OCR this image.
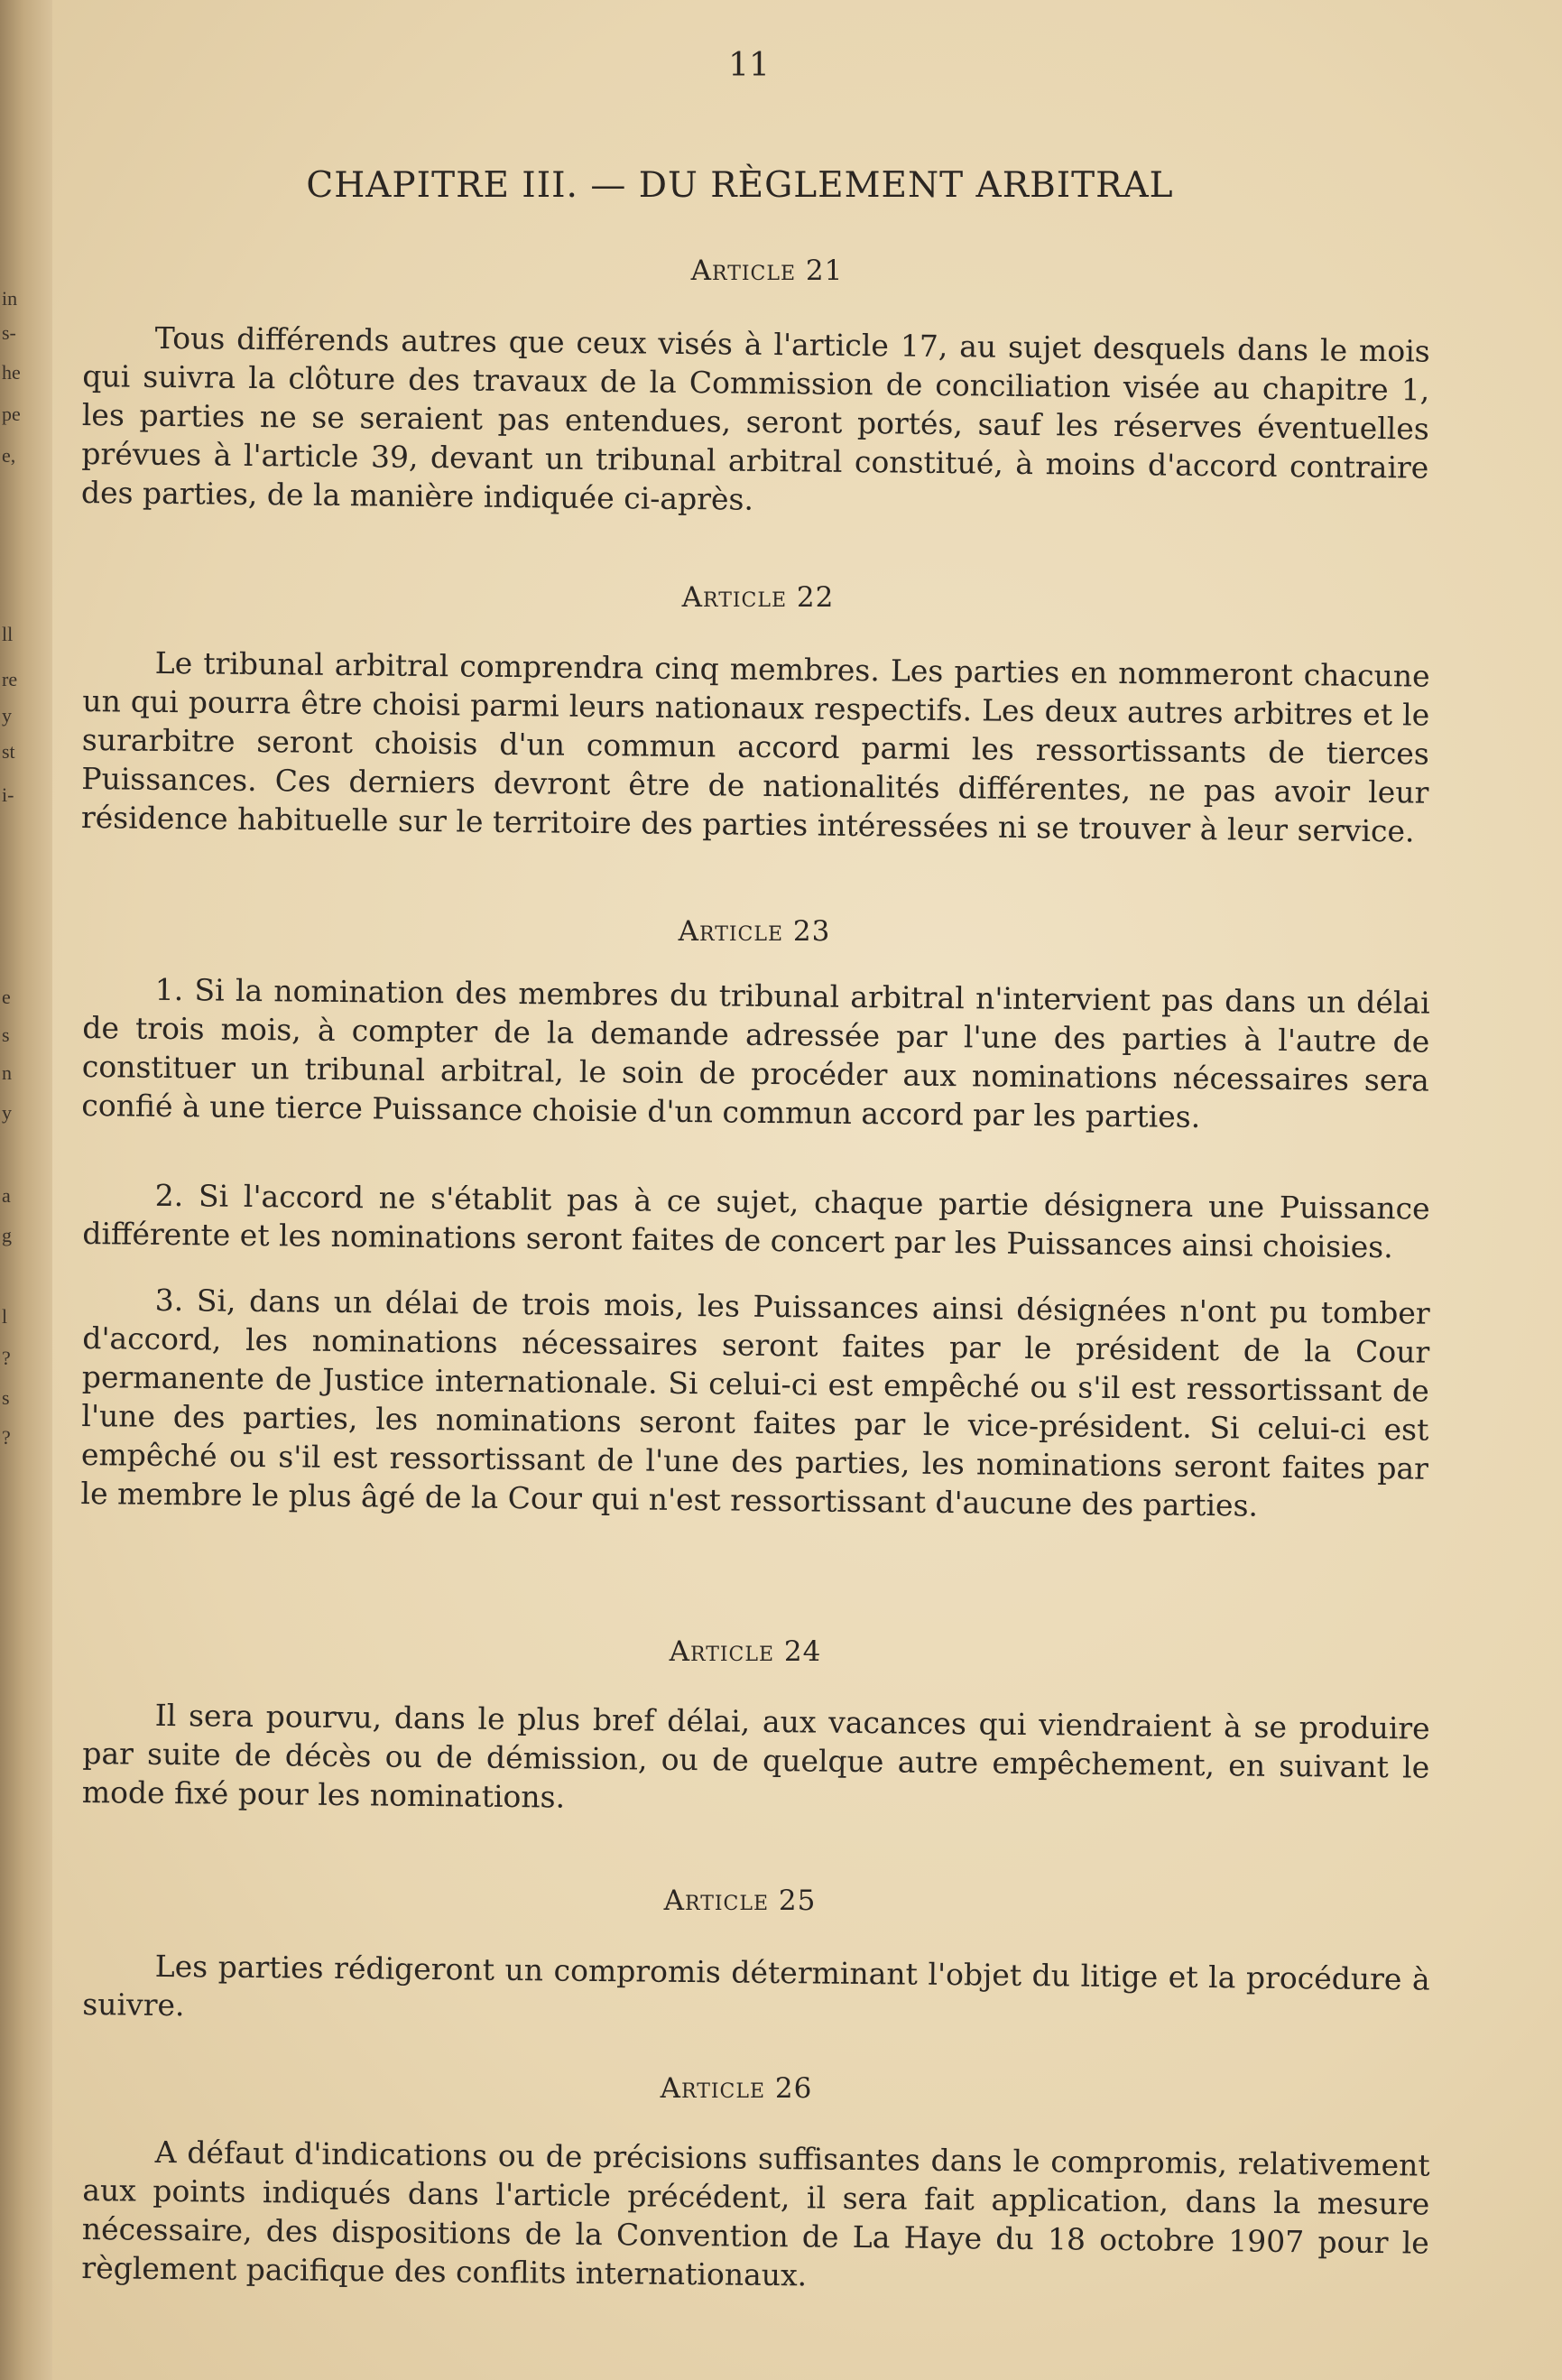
in
s-
he
pe
e,
ll
re
y
st
i-
e
s
n
y
a
g
l
?
s
?
11
CHAPITRE III. — DU RÈGLEMENT ARBITRAL
Article 21
Tous différends autres que ceux visés à l'article 17, au sujet desquels dans le mois qui suivra la clôture des travaux de la Commission de conciliation visée au chapitre 1, les parties ne se seraient pas entendues, seront portés, sauf les réserves éventuelles prévues à l'article 39, devant un tribunal arbitral constitué, à moins d'accord contraire des parties, de la manière indiquée ci-après.
Article 22
Le tribunal arbitral comprendra cinq membres. Les parties en nommeront chacune un qui pourra être choisi parmi leurs nationaux respectifs. Les deux autres arbitres et le surarbitre seront choisis d'un commun accord parmi les ressortissants de tierces Puissances. Ces derniers devront être de nationalités différentes, ne pas avoir leur résidence habituelle sur le territoire des parties intéressées ni se trouver à leur service.
Article 23
1. Si la nomination des membres du tribunal arbitral n'intervient pas dans un délai de trois mois, à compter de la demande adressée par l'une des parties à l'autre de constituer un tribunal arbitral, le soin de procéder aux nominations nécessaires sera confié à une tierce Puissance choisie d'un commun accord par les parties.
2. Si l'accord ne s'établit pas à ce sujet, chaque partie désignera une Puissance différente et les nominations seront faites de concert par les Puissances ainsi choisies.
3. Si, dans un délai de trois mois, les Puissances ainsi désignées n'ont pu tomber d'accord, les nominations nécessaires seront faites par le président de la Cour permanente de Justice internationale. Si celui-ci est empêché ou s'il est ressortissant de l'une des parties, les nominations seront faites par le vice-président. Si celui-ci est empêché ou s'il est ressortissant de l'une des parties, les nominations seront faites par le membre le plus âgé de la Cour qui n'est ressortissant d'aucune des parties.
Article 24
Il sera pourvu, dans le plus bref délai, aux vacances qui viendraient à se produire par suite de décès ou de démission, ou de quelque autre empêchement, en suivant le mode fixé pour les nominations.
Article 25
Les parties rédigeront un compromis déterminant l'objet du litige et la procédure à suivre.
Article 26
A défaut d'indications ou de précisions suffisantes dans le compromis, relativement aux points indiqués dans l'article précédent, il sera fait application, dans la mesure nécessaire, des dispositions de la Convention de La Haye du 18 octobre 1907 pour le règlement pacifique des conflits internationaux.
